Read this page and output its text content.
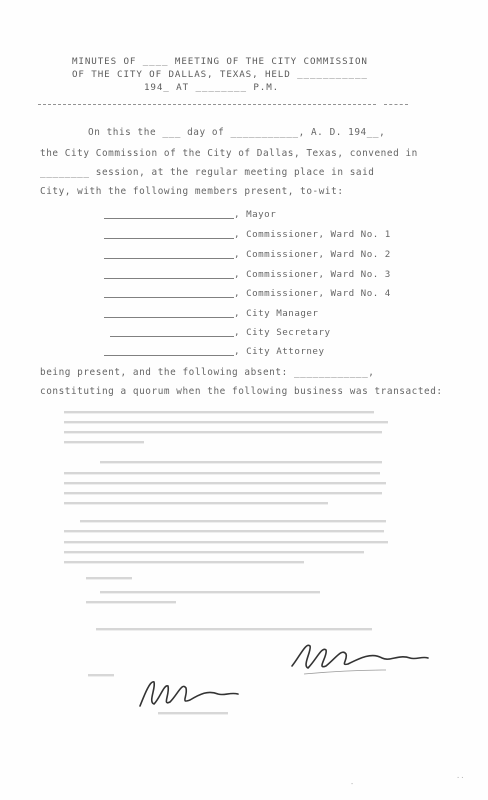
MINUTES OF ____ MEETING OF THE CITY COMMISSION
OF THE CITY OF DALLAS, TEXAS, HELD ___________
194_ AT ________ P.M.
On this the ___ day of ___________, A. D. 194__,
the City Commission of the City of Dallas, Texas, convened in
________ session, at the regular meeting place in said
City, with the following members present, to-wit:
, Mayor
, Commissioner, Ward No. 1
, Commissioner, Ward No. 2
, Commissioner, Ward No. 3
, Commissioner, Ward No. 4
, City Manager
, City Secretary
, City Attorney
being present, and the following absent: ____________,
constituting a quorum when the following business was transacted:
-
··
